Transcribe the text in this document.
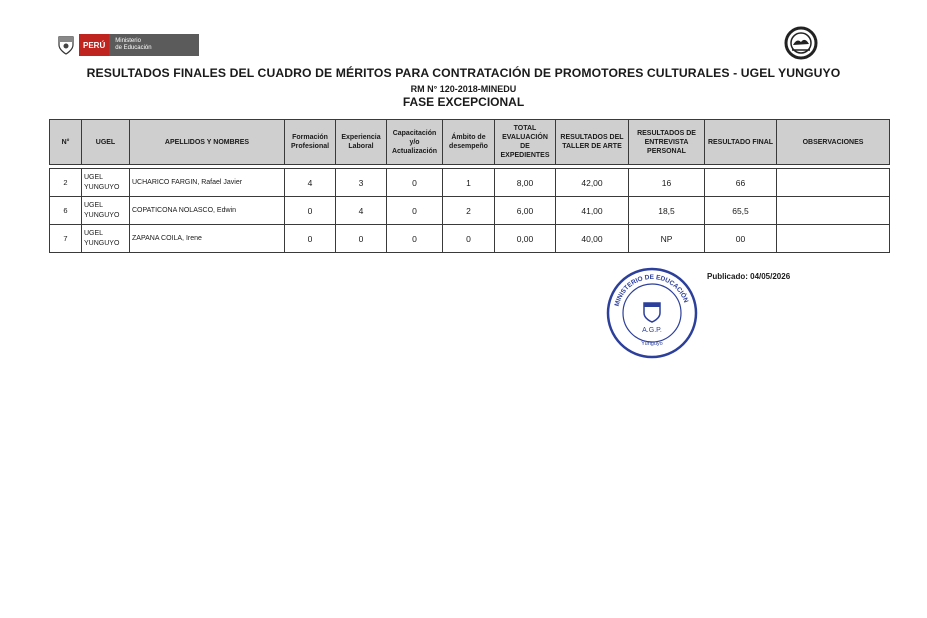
PERÚ	Ministerio
de Educación
RESULTADOS FINALES DEL CUADRO DE MÉRITOS PARA CONTRATACIÓN DE PROMOTORES CULTURALES - UGEL YUNGUYO
RM N° 120-2018-MINEDU
FASE EXCEPCIONAL
N°	UGEL	APELLIDOS Y NOMBRES	Formación Profesional	Experiencia Laboral	Capacitación y/o Actualización	Ámbito de desempeño	TOTAL EVALUACIÓN DE EXPEDIENTES	RESULTADOS DEL TALLER DE ARTE	RESULTADOS DE ENTREVISTA PERSONAL	RESULTADO FINAL	OBSERVACIONES

2	UGEL YUNGUYO	UCHARICO FARGIN, Rafael Javier	4	3	0	1	8,00	42,00	16	66	
6	UGEL YUNGUYO	COPATICONA NOLASCO, Edwin	0	4	0	2	6,00	41,00	18,5	65,5	
7	UGEL YUNGUYO	ZAPANA COILA, Irene	0	0	0	0	0,00	40,00	NP	00	
Publicado: 04/05/2026
MINISTERIO DE EDUCACIÓN
A.G.P.
Yunguyo
